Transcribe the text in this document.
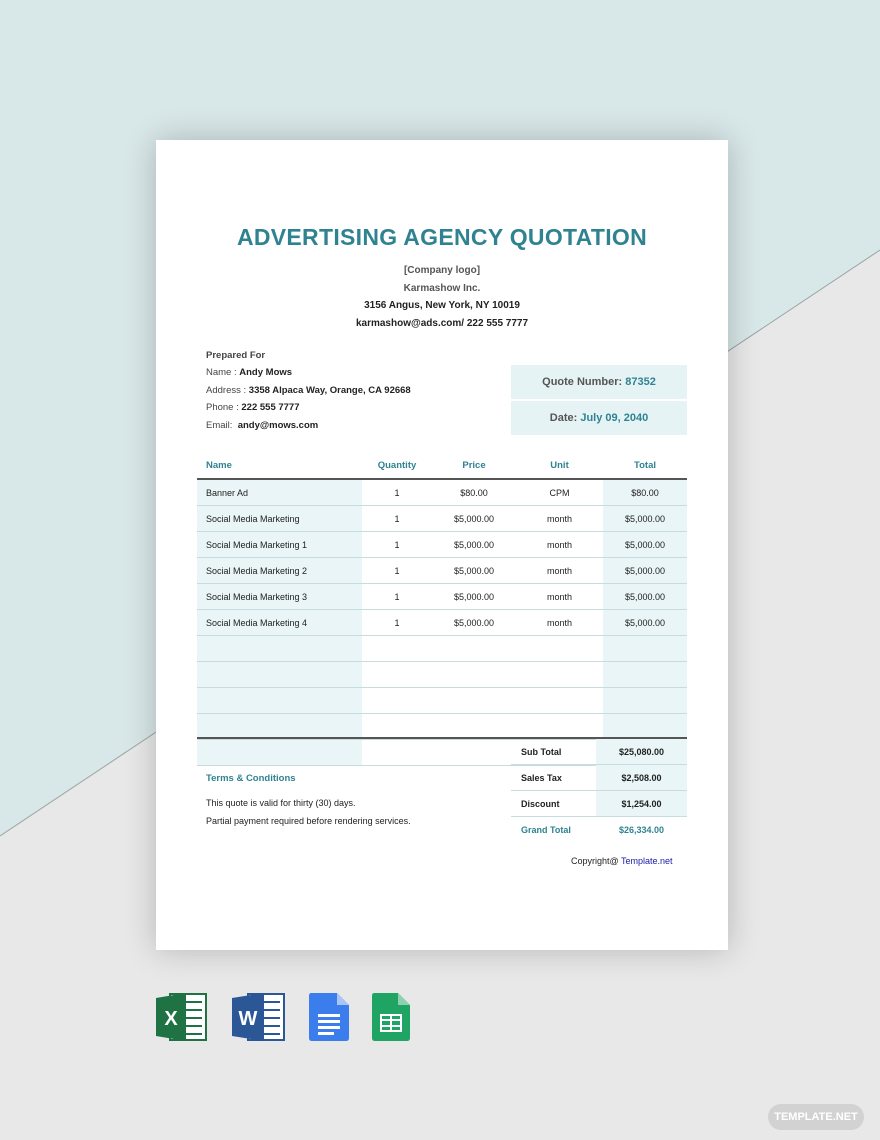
ADVERTISING AGENCY QUOTATION
[Company logo]
Karmashow Inc.
3156 Angus, New York, NY 10019
karmashow@ads.com/ 222 555 7777
Prepared For
Name : Andy Mows
Address : 3358 Alpaca Way, Orange, CA 92668
Phone : 222 555 7777
Email: andy@mows.com
Quote Number: 87352
Date: July 09, 2040
Name	Quantity	Price	Unit	Total
Banner Ad	1	$80.00	CPM	$80.00
Social Media Marketing	1	$5,000.00	month	$5,000.00
Social Media Marketing 1	1	$5,000.00	month	$5,000.00
Social Media Marketing 2	1	$5,000.00	month	$5,000.00
Social Media Marketing 3	1	$5,000.00	month	$5,000.00
Social Media Marketing 4	1	$5,000.00	month	$5,000.00

Sub Total	$25,080.00
Sales Tax	$2,508.00
Discount	$1,254.00
Grand Total	$26,334.00
Terms & Conditions
This quote is valid for thirty (30) days.
Partial payment required before rendering services.
Copyright@ Template.net
X	W
TEMPLATE.NET
